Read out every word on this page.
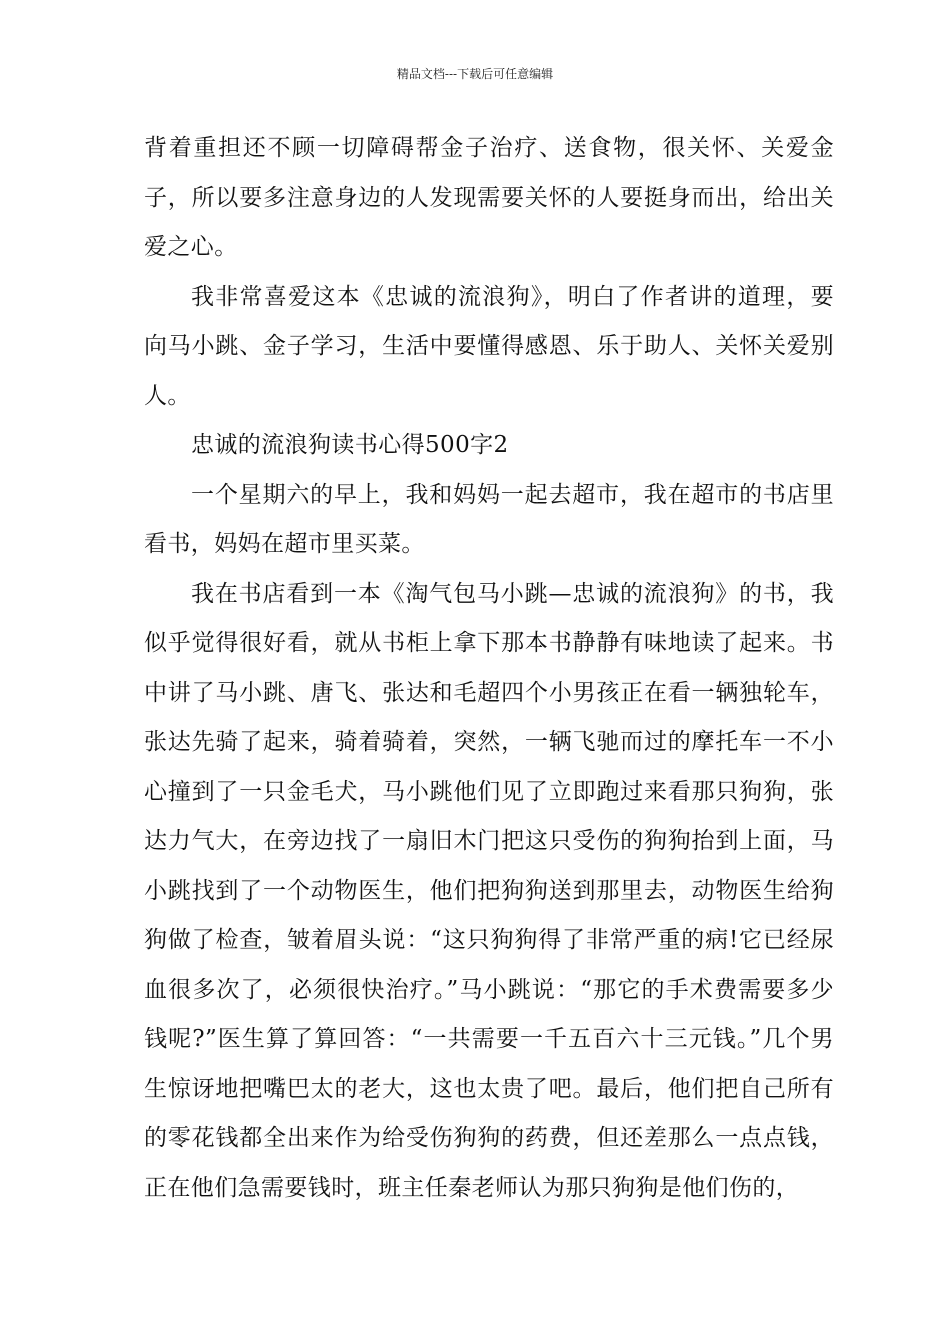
精品文档---下载后可任意编辑

背着重担还不顾一切障碍帮金子治疗、送食物，很关怀、关爱金子，所以要多注意身边的人发现需要关怀的人要挺身而出，给出关爱之心。

我非常喜爱这本《忠诚的流浪狗》，明白了作者讲的道理，要向马小跳、金子学习，生活中要懂得感恩、乐于助人、关怀关爱别人。

忠诚的流浪狗读书心得500字2

一个星期六的早上，我和妈妈一起去超市，我在超市的书店里看书，妈妈在超市里买菜。

我在书店看到一本《淘气包马小跳—忠诚的流浪狗》的书，我似乎觉得很好看，就从书柜上拿下那本书静静有味地读了起来。书中讲了马小跳、唐飞、张达和毛超四个小男孩正在看一辆独轮车，张达先骑了起来，骑着骑着，突然，一辆飞驰而过的摩托车一不小心撞到了一只金毛犬，马小跳他们见了立即跑过来看那只狗狗，张达力气大，在旁边找了一扇旧木门把这只受伤的狗狗抬到上面，马小跳找到了一个动物医生，他们把狗狗送到那里去，动物医生给狗狗做了检查，皱着眉头说：“这只狗狗得了非常严重的病!它已经尿血很多次了，必须很快治疗。”马小跳说：“那它的手术费需要多少钱呢?”医生算了算回答：“一共需要一千五百六十三元钱。”几个男生惊讶地把嘴巴太的老大，这也太贵了吧。最后，他们把自己所有的零花钱都全出来作为给受伤狗狗的药费，但还差那么一点点钱，正在他们急需要钱时，班主任秦老师认为那只狗狗是他们伤的，
